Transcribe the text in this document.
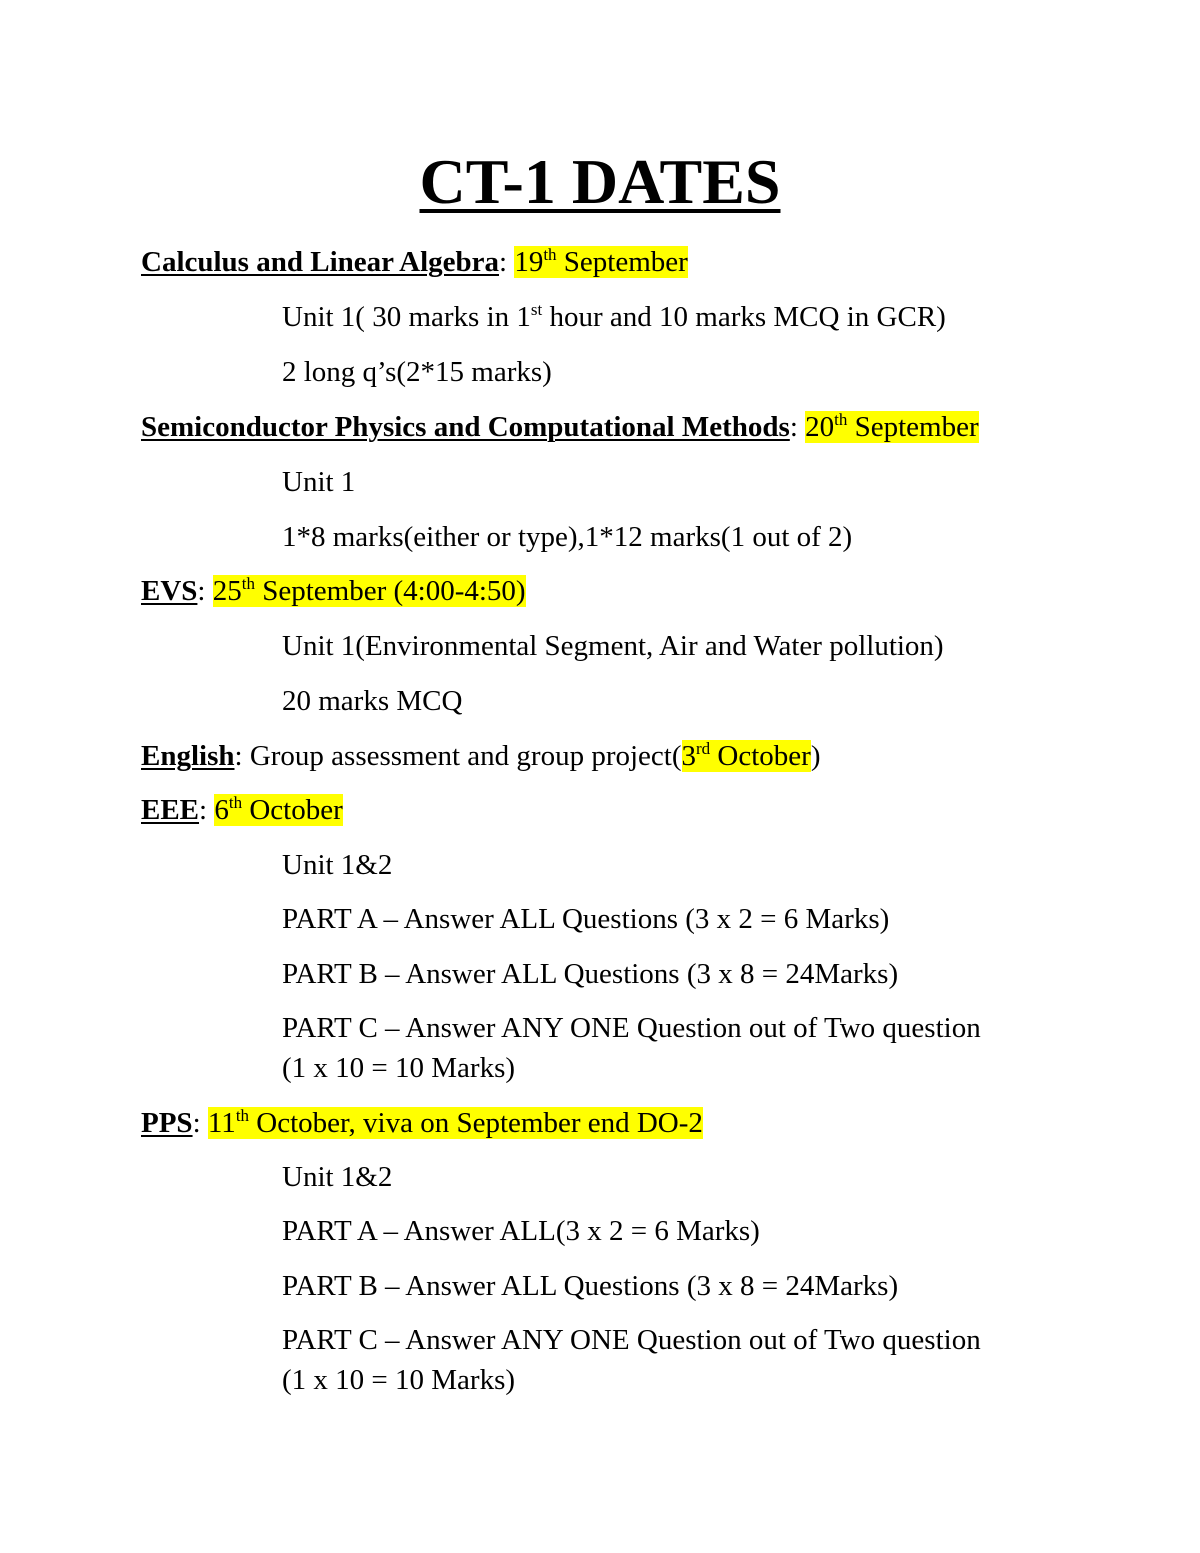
CT-1 DATES
Calculus and Linear Algebra: 19th September
Unit 1( 30 marks in 1st hour and 10 marks MCQ in GCR)
2 long q’s(2*15 marks)
Semiconductor Physics and Computational Methods: 20th September
Unit 1
1*8 marks(either or type),1*12 marks(1 out of 2)
EVS: 25th September (4:00-4:50)
Unit 1(Environmental Segment, Air and Water pollution)
20 marks MCQ
English: Group assessment and group project(3rd October)
EEE: 6th October
Unit 1&2
PART A – Answer ALL Questions (3 x 2 = 6 Marks)
PART B – Answer ALL Questions (3 x 8 = 24Marks)
PART C – Answer ANY ONE Question out of Two question
(1 x 10 = 10 Marks)
PPS: 11th October, viva on September end DO-2
Unit 1&2
PART A – Answer ALL(3 x 2 = 6 Marks)
PART B – Answer ALL Questions (3 x 8 = 24Marks)
PART C – Answer ANY ONE Question out of Two question
(1 x 10 = 10 Marks)
